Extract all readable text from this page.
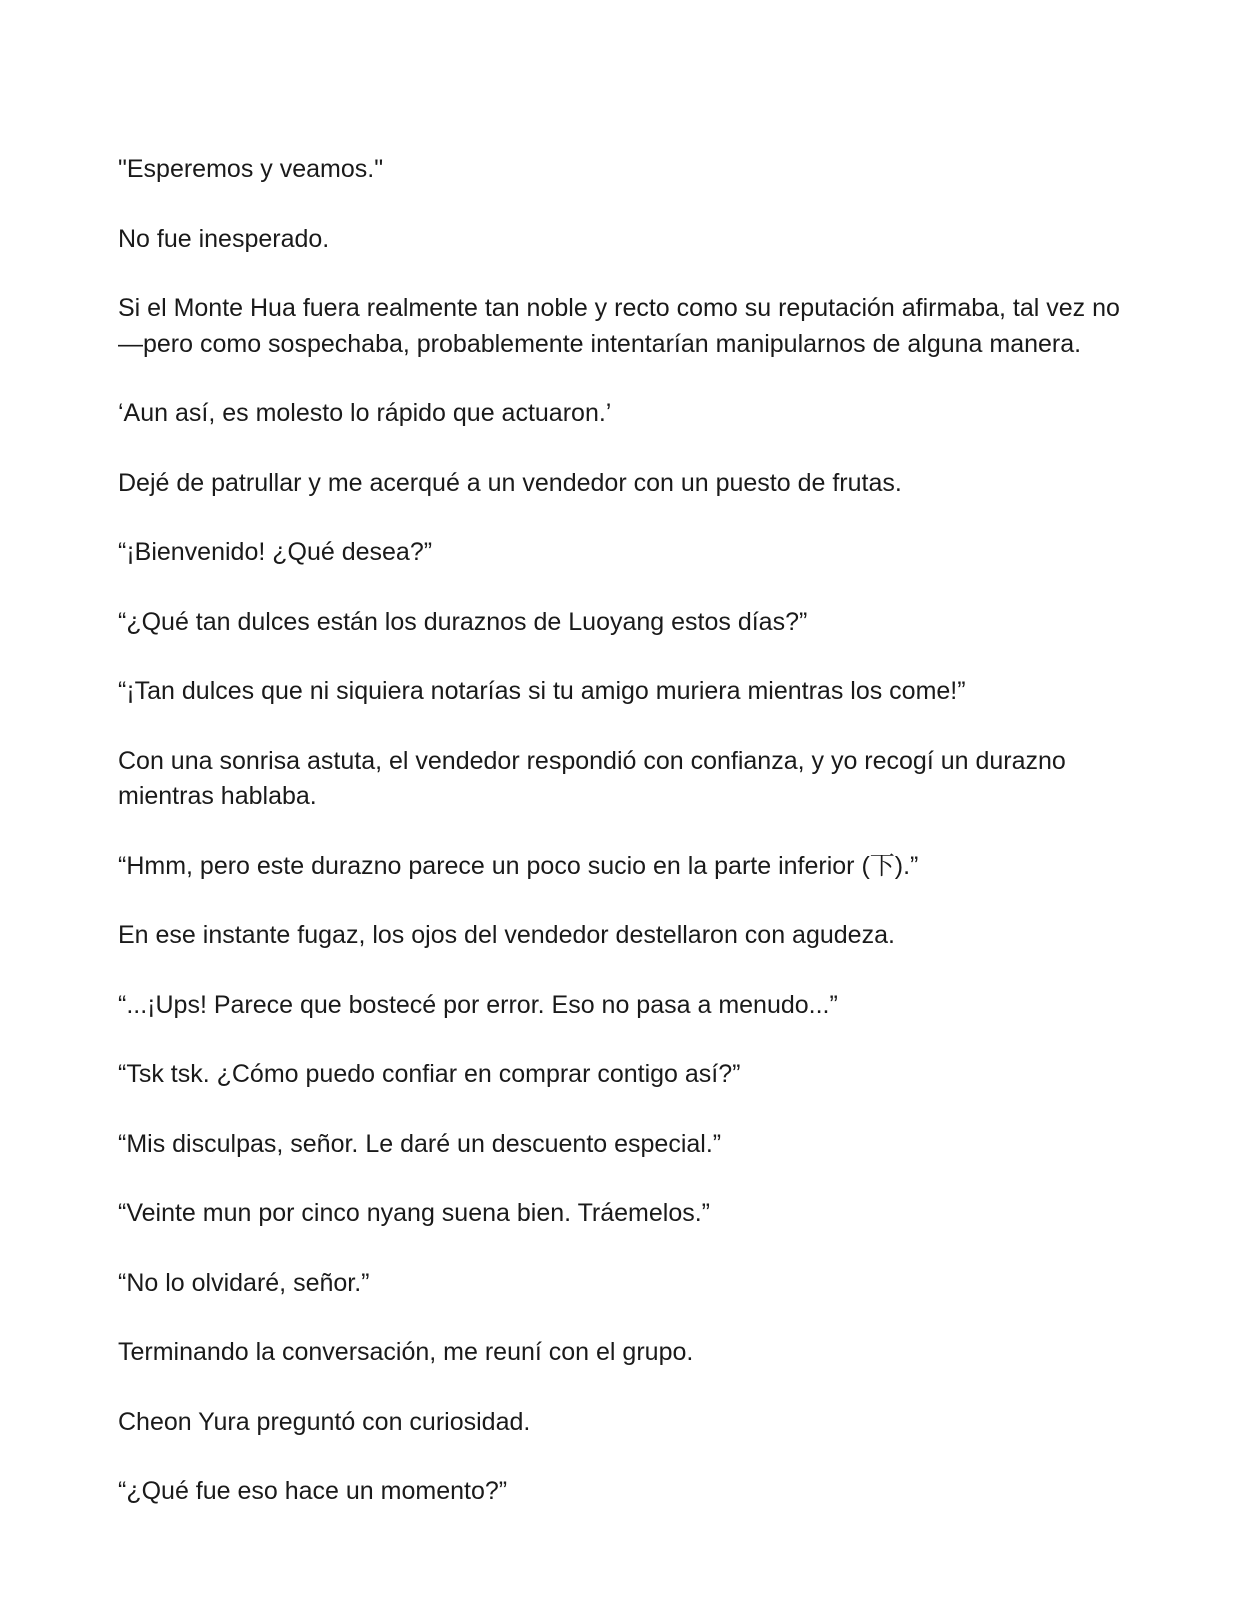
"Esperemos y veamos."

No fue inesperado.

Si el Monte Hua fuera realmente tan noble y recto como su reputación afirmaba, tal vez no—pero como sospechaba, probablemente intentarían manipularnos de alguna manera.

‘Aun así, es molesto lo rápido que actuaron.’

Dejé de patrullar y me acerqué a un vendedor con un puesto de frutas.

“¡Bienvenido! ¿Qué desea?”

“¿Qué tan dulces están los duraznos de Luoyang estos días?”

“¡Tan dulces que ni siquiera notarías si tu amigo muriera mientras los come!”

Con una sonrisa astuta, el vendedor respondió con confianza, y yo recogí un durazno mientras hablaba.

“Hmm, pero este durazno parece un poco sucio en la parte inferior (下).”

En ese instante fugaz, los ojos del vendedor destellaron con agudeza.

“...¡Ups! Parece que bostecé por error. Eso no pasa a menudo...”

“Tsk tsk. ¿Cómo puedo confiar en comprar contigo así?”

“Mis disculpas, señor. Le daré un descuento especial.”

“Veinte mun por cinco nyang suena bien. Tráemelos.”

“No lo olvidaré, señor.”

Terminando la conversación, me reuní con el grupo.

Cheon Yura preguntó con curiosidad.

“¿Qué fue eso hace un momento?”
